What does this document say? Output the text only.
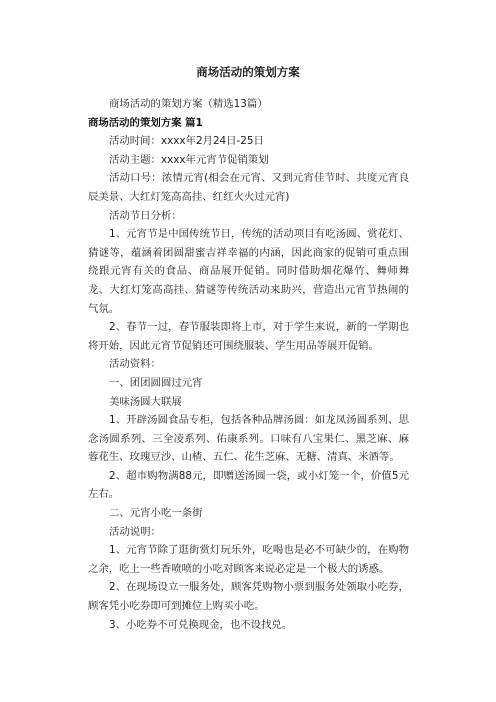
商场活动的策划方案

商场活动的策划方案（精选13篇）

商场活动的策划方案 篇1

活动时间：xxxx年2月24日-25日

活动主题：xxxx年元宵节促销策划

活动口号：浓情元宵(相会在元宵、又到元宵佳节时、共度元宵良辰美景、大红灯笼高高挂、红红火火过元宵)

活动节日分析：

1、元宵节是中国传统节日，传统的活动项目有吃汤圆、赏花灯、猜谜等，蕴涵着团圆甜蜜吉祥幸福的内涵，因此商家的促销可重点围绕跟元宵有关的食品、商品展开促销。同时借助烟花爆竹、舞师舞龙、大红灯笼高高挂、猜谜等传统活动来助兴，营造出元宵节热闹的气氛。

2、春节一过，春节服装即将上市，对于学生来说，新的一学期也将开始，因此元宵节促销还可围绕服装、学生用品等展开促销。

活动资料：

一、团团圆圆过元宵

美味汤圆大联展

1、开辟汤圆食品专柜，包括各种品牌汤圆：如龙凤汤圆系列、思念汤圆系列、三全凌系列、佑康系列。口味有八宝果仁、黑芝麻、麻蓉花生、玫瑰豆沙、山楂、五仁、花生芝麻、无糖、清真、米酒等。

2、超市购物满88元，即赠送汤圆一袋，或小灯笼一个，价值5元左右。

二、元宵小吃一条街

活动说明：

1、元宵节除了逛街赏灯玩乐外，吃喝也是必不可缺少的，在购物之余，吃上一些香喷喷的小吃对顾客来说必定是一个极大的诱惑。

2、在现场设立一服务处，顾客凭购物小票到服务处领取小吃券，顾客凭小吃券即可到摊位上购买小吃。

3、小吃券不可兑换现金，也不设找兑。
